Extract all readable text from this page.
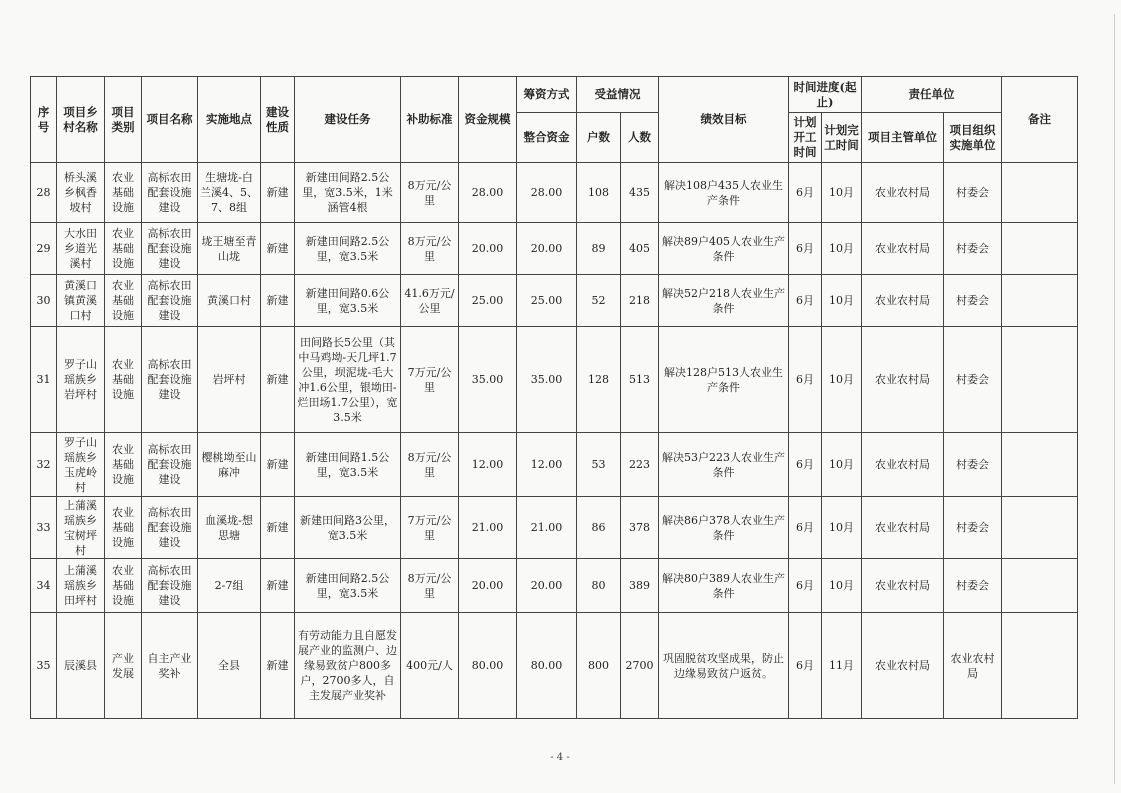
序号	项目乡村名称	项目类别	项目名称	实施地点	建设性质	建设任务	补助标准	资金规模	筹资方式	受益情况		绩效目标	时间进度(起止)		责任单位		备注
									整合资金	户数	人数		计划开工时间	计划完工时间	项目主管单位	项目组织实施单位	
28	桥头溪乡枫香坡村	农业基础设施	高标农田配套设施建设	生塘垅-白兰溪4、5、7、8组	新建	新建田间路2.5公里，宽3.5米，1米涵管4根	8万元/公里	28.00	28.00	108	435	解决108户435人农业生产条件	6月	10月	农业农村局	村委会	
29	大水田乡道光溪村	农业基础设施	高标农田配套设施建设	垅王塘至青山垅	新建	新建田间路2.5公里，宽3.5米	8万元/公里	20.00	20.00	89	405	解决89户405人农业生产条件	6月	10月	农业农村局	村委会	
30	黄溪口镇黄溪口村	农业基础设施	高标农田配套设施建设	黄溪口村	新建	新建田间路0.6公里，宽3.5米	41.6万元/公里	25.00	25.00	52	218	解决52户218人农业生产条件	6月	10月	农业农村局	村委会	
31	罗子山瑶族乡岩坪村	农业基础设施	高标农田配套设施建设	岩坪村	新建	田间路长5公里（其中马鸡坳-天几坪1.7公里，坝泥垅-毛大冲1.6公里，银坳田-烂田场1.7公里），宽3.5米	7万元/公里	35.00	35.00	128	513	解决128户513人农业生产条件	6月	10月	农业农村局	村委会	
32	罗子山瑶族乡玉虎岭村	农业基础设施	高标农田配套设施建设	樱桃坳至山麻冲	新建	新建田间路1.5公里，宽3.5米	8万元/公里	12.00	12.00	53	223	解决53户223人农业生产条件	6月	10月	农业农村局	村委会	
33	上蒲溪瑶族乡宝树坪村	农业基础设施	高标农田配套设施建设	血溪垅-想思塘	新建	新建田间路3公里，宽3.5米	7万元/公里	21.00	21.00	86	378	解决86户378人农业生产条件	6月	10月	农业农村局	村委会	
34	上蒲溪瑶族乡田坪村	农业基础设施	高标农田配套设施建设	2-7组	新建	新建田间路2.5公里，宽3.5米	8万元/公里	20.00	20.00	80	389	解决80户389人农业生产条件	6月	10月	农业农村局	村委会	
35	辰溪县	产业发展	自主产业奖补	全县	新建	有劳动能力且自愿发展产业的监测户、边缘易致贫户800多户，2700多人，自主发展产业奖补	400元/人	80.00	80.00	800	2700	巩固脱贫攻坚成果，防止边缘易致贫户返贫。	6月	11月	农业农村局	农业农村局	
- 4 -
